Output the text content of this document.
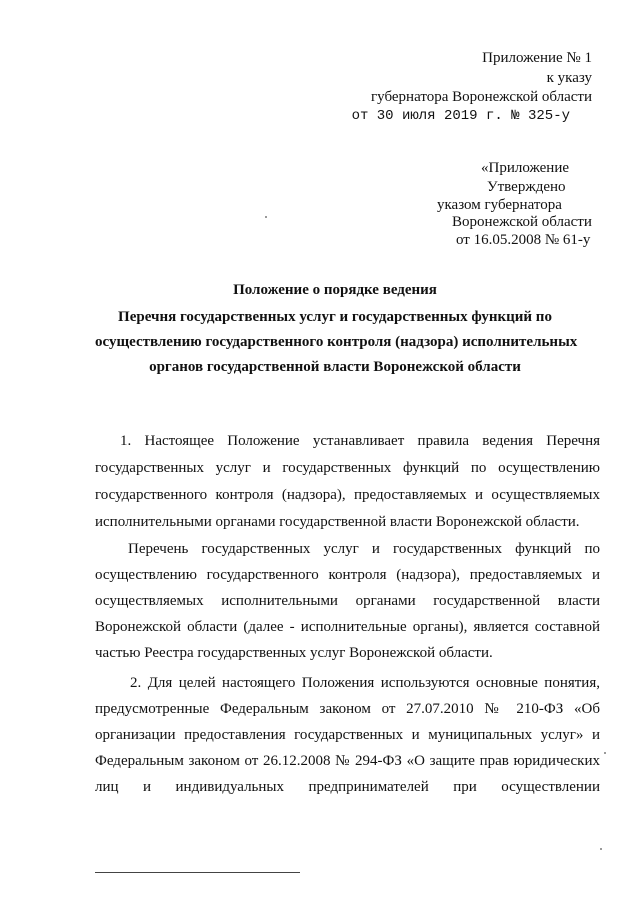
Приложение № 1
к указу
губернатора Воронежской области
от 30 июля 2019 г. № 325-у
«Приложение
Утверждено
указом губернатора
Воронежской области
от 16.05.2008 № 61-у
Положение о порядке ведения
Перечня государственных услуг и государственных функций по
осуществлению государственного контроля (надзора) исполнительных
органов государственной власти Воронежской области
1. Настоящее Положение устанавливает правила ведения Перечня
государственных услуг и государственных функций по осуществлению
государственного контроля (надзора), предоставляемых и осуществляемых
исполнительными органами государственной власти Воронежской области.
Перечень государственных услуг и государственных функций по
осуществлению государственного контроля (надзора), предоставляемых и
осуществляемых исполнительными органами государственной власти
Воронежской области (далее - исполнительные органы), является составной
частью Реестра государственных услуг Воронежской области.
2. Для целей настоящего Положения используются основные понятия,
предусмотренные Федеральным законом от 27.07.2010 № 210-ФЗ «Об
организации предоставления государственных и муниципальных услуг» и
Федеральным законом от 26.12.2008 № 294-ФЗ «О защите прав юридических
лиц и индивидуальных предпринимателей при осуществлении
